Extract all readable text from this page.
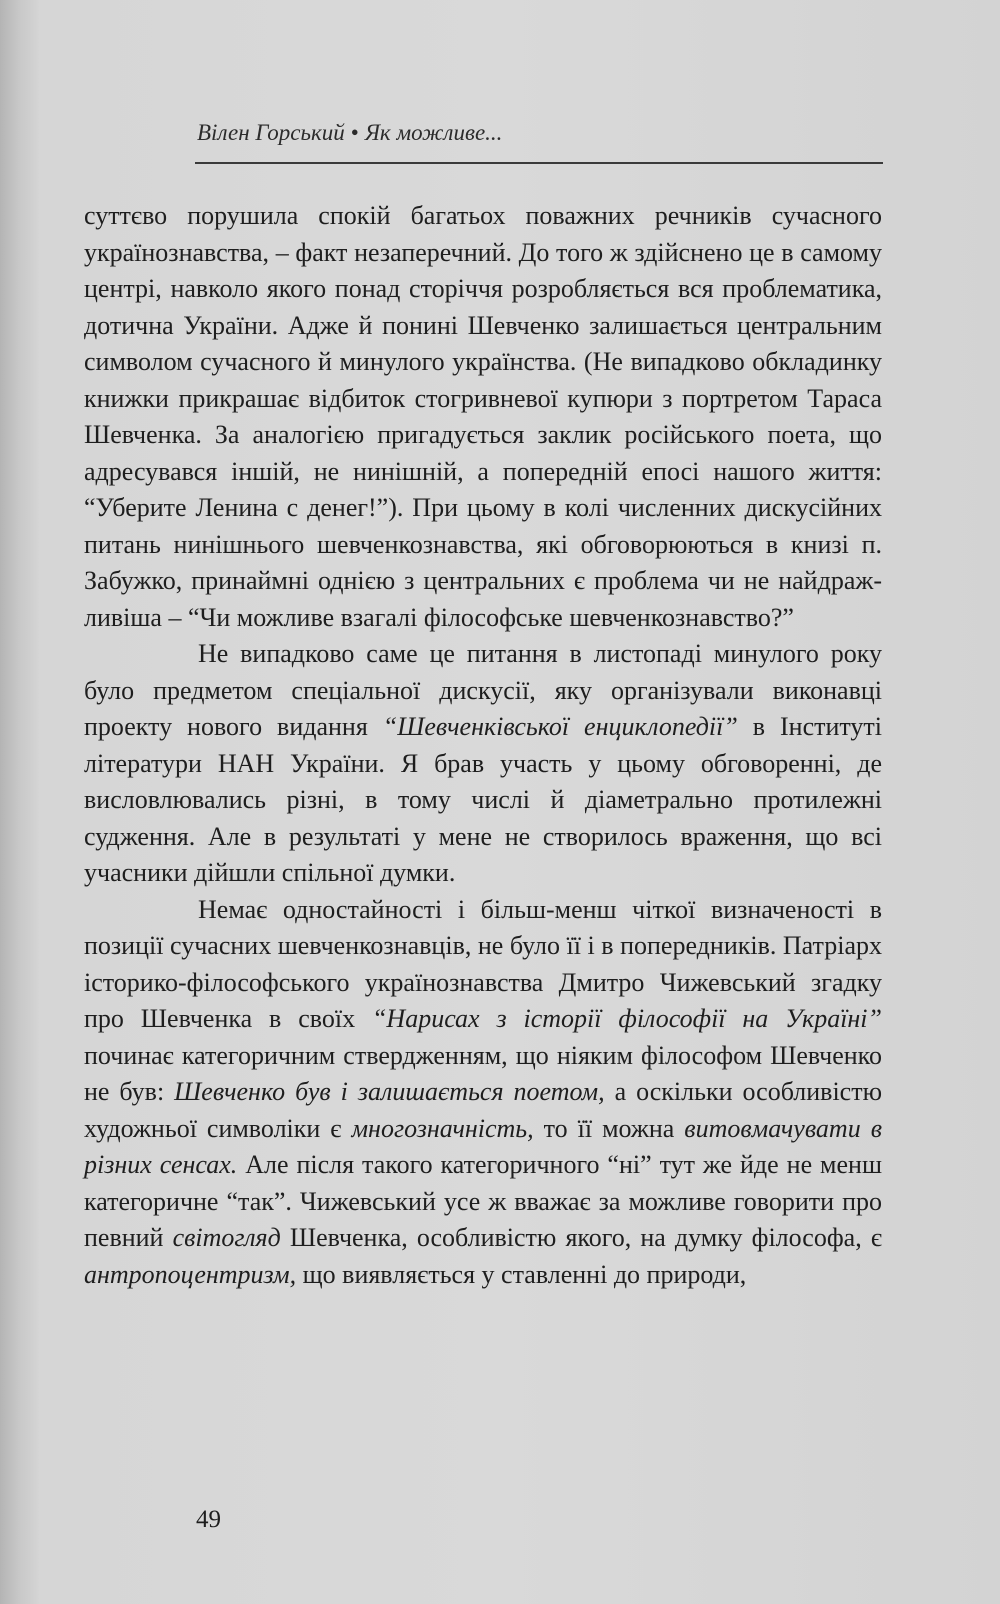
Вілен Горський • Як можливе...

суттєво порушила спокій багатьох поважних речників сучасного українознавства, – факт незаперечний. До того ж здійснено це в самому центрі, навколо якого понад сторіччя розробляється вся проблематика, дотична України. Адже й понині Шевченко залишається центральним символом сучасного й минулого українства. (Не випадково обкладинку книжки прикрашає відбиток стогривневої купюри з портретом Тараса Шевченка. За аналогією пригадується заклик російського поета, що адресувався іншій, не нинішній, а попередній епосі нашого життя: “Уберите Ленина с денег!”). При цьому в колі численних дискусійних питань нинішнього шевченкознавства, які обговорюються в книзі п. Забужко, принаймні однією з центральних є проблема чи не найдражливіша – “Чи можливе взагалі філософське шевченкознавство?”

Не випадково саме це питання в листопаді минулого року було предметом спеціальної дискусії, яку організували виконавці проекту нового видання “Шевченківської енциклопедії” в Інституті літератури НАН України. Я брав участь у цьому обговоренні, де висловлювались різні, в тому числі й діаметрально протилежні судження. Але в результаті у мене не створилось враження, що всі учасники дійшли спільної думки.

Немає одностайності і більш-менш чіткої визначеності в позиції сучасних шевченкознавців, не було її і в попередників. Патріарх історико-філософського українознавства Дмитро Чижевський згадку про Шевченка в своїх “Нарисах з історії філософії на Україні” починає категоричним ствердженням, що ніяким філософом Шевченко не був: Шевченко був і залишається поетом, а оскільки особливістю художньої символіки є многозначність, то її можна витовмачувати в різних сенсах. Але після такого категоричного “ні” тут же йде не менш категоричне “так”. Чижевський усе ж вважає за можливе говорити про певний світогляд Шевченка, особливістю якого, на думку філософа, є антропоцентризм, що виявляється у ставленні до природи,

49
